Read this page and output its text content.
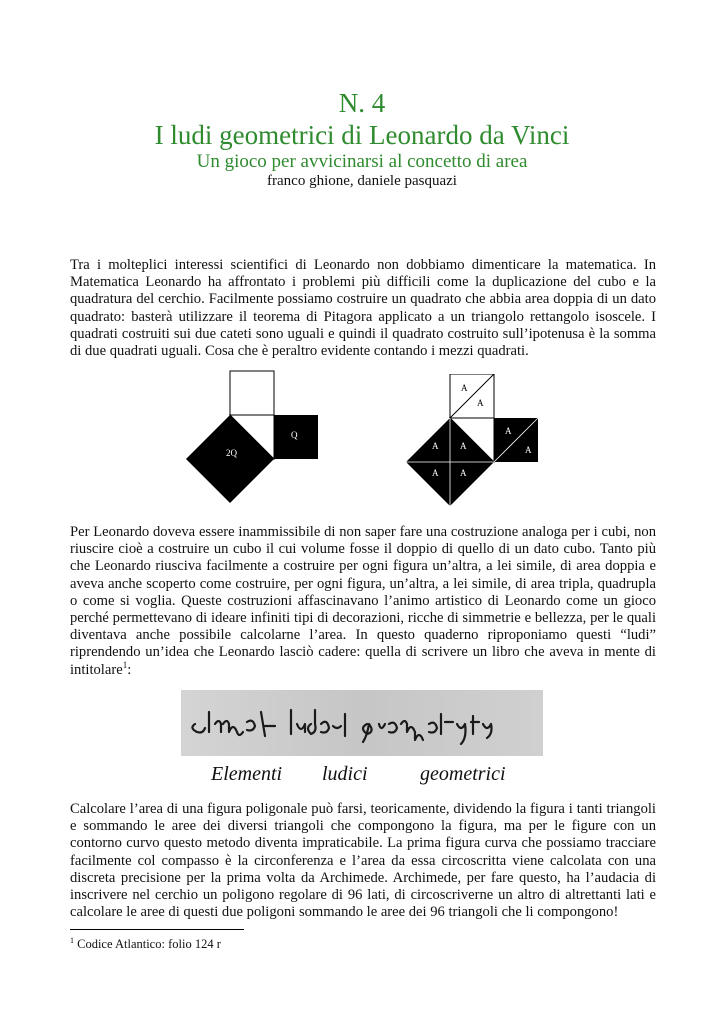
N. 4
I ludi geometrici di Leonardo da Vinci
Un gioco per avvicinarsi al concetto di area
franco ghione, daniele pasquazi

Tra i molteplici interessi scientifici di Leonardo non dobbiamo dimenticare la matematica. In Matematica Leonardo ha affrontato i problemi più difficili come la duplicazione del cubo e la quadratura del cerchio. Facilmente possiamo costruire un quadrato che abbia area doppia di un dato quadrato: basterà utilizzare il teorema di Pitagora applicato a un triangolo rettangolo isoscele. I quadrati costruiti sui due cateti sono uguali e quindi il quadrato costruito sull’ipotenusa è la somma di due quadrati uguali. Cosa che è peraltro evidente contando i mezzi quadrati.

2Q
Q
A
A
A
A
A A
A A

Per Leonardo doveva essere inammissibile di non saper fare una costruzione analoga per i cubi, non riuscire cioè a costruire un cubo il cui volume fosse il doppio di quello di un dato cubo. Tanto più che Leonardo riusciva facilmente a costruire per ogni figura un’altra, a lei simile, di area doppia e aveva anche scoperto come costruire, per ogni figura, un’altra, a lei simile, di area tripla, quadrupla o come si voglia. Queste costruzioni affascinavano l’animo artistico di Leonardo come un gioco perché permettevano di ideare infiniti tipi di decorazioni, ricche di simmetrie e bellezza, per le quali diventava anche possibile calcolarne l’area. In questo quaderno riproponiamo questi “ludi” riprendendo un’idea che Leonardo lasciò cadere: quella di scrivere un libro che aveva in mente di intitolare$^1$:

Elementi ludici	geometrici

Calcolare l’area di una figura poligonale può farsi, teoricamente, dividendo la figura i tanti triangoli e sommando le aree dei diversi triangoli che compongono la figura, ma per le figure con un contorno curvo questo metodo diventa impraticabile. La prima figura curva che possiamo tracciare facilmente col compasso è la circonferenza e l’area da essa circoscritta viene calcolata con una discreta precisione per la prima volta da Archimede. Archimede, per fare questo, ha l’audacia di inscrivere nel cerchio un poligono regolare di 96 lati, di circoscriverne un altro di altrettanti lati e calcolare le aree di questi due poligoni sommando le aree dei 96 triangoli che li compongono!

$^1$ Codice Atlantico: folio 124 r
